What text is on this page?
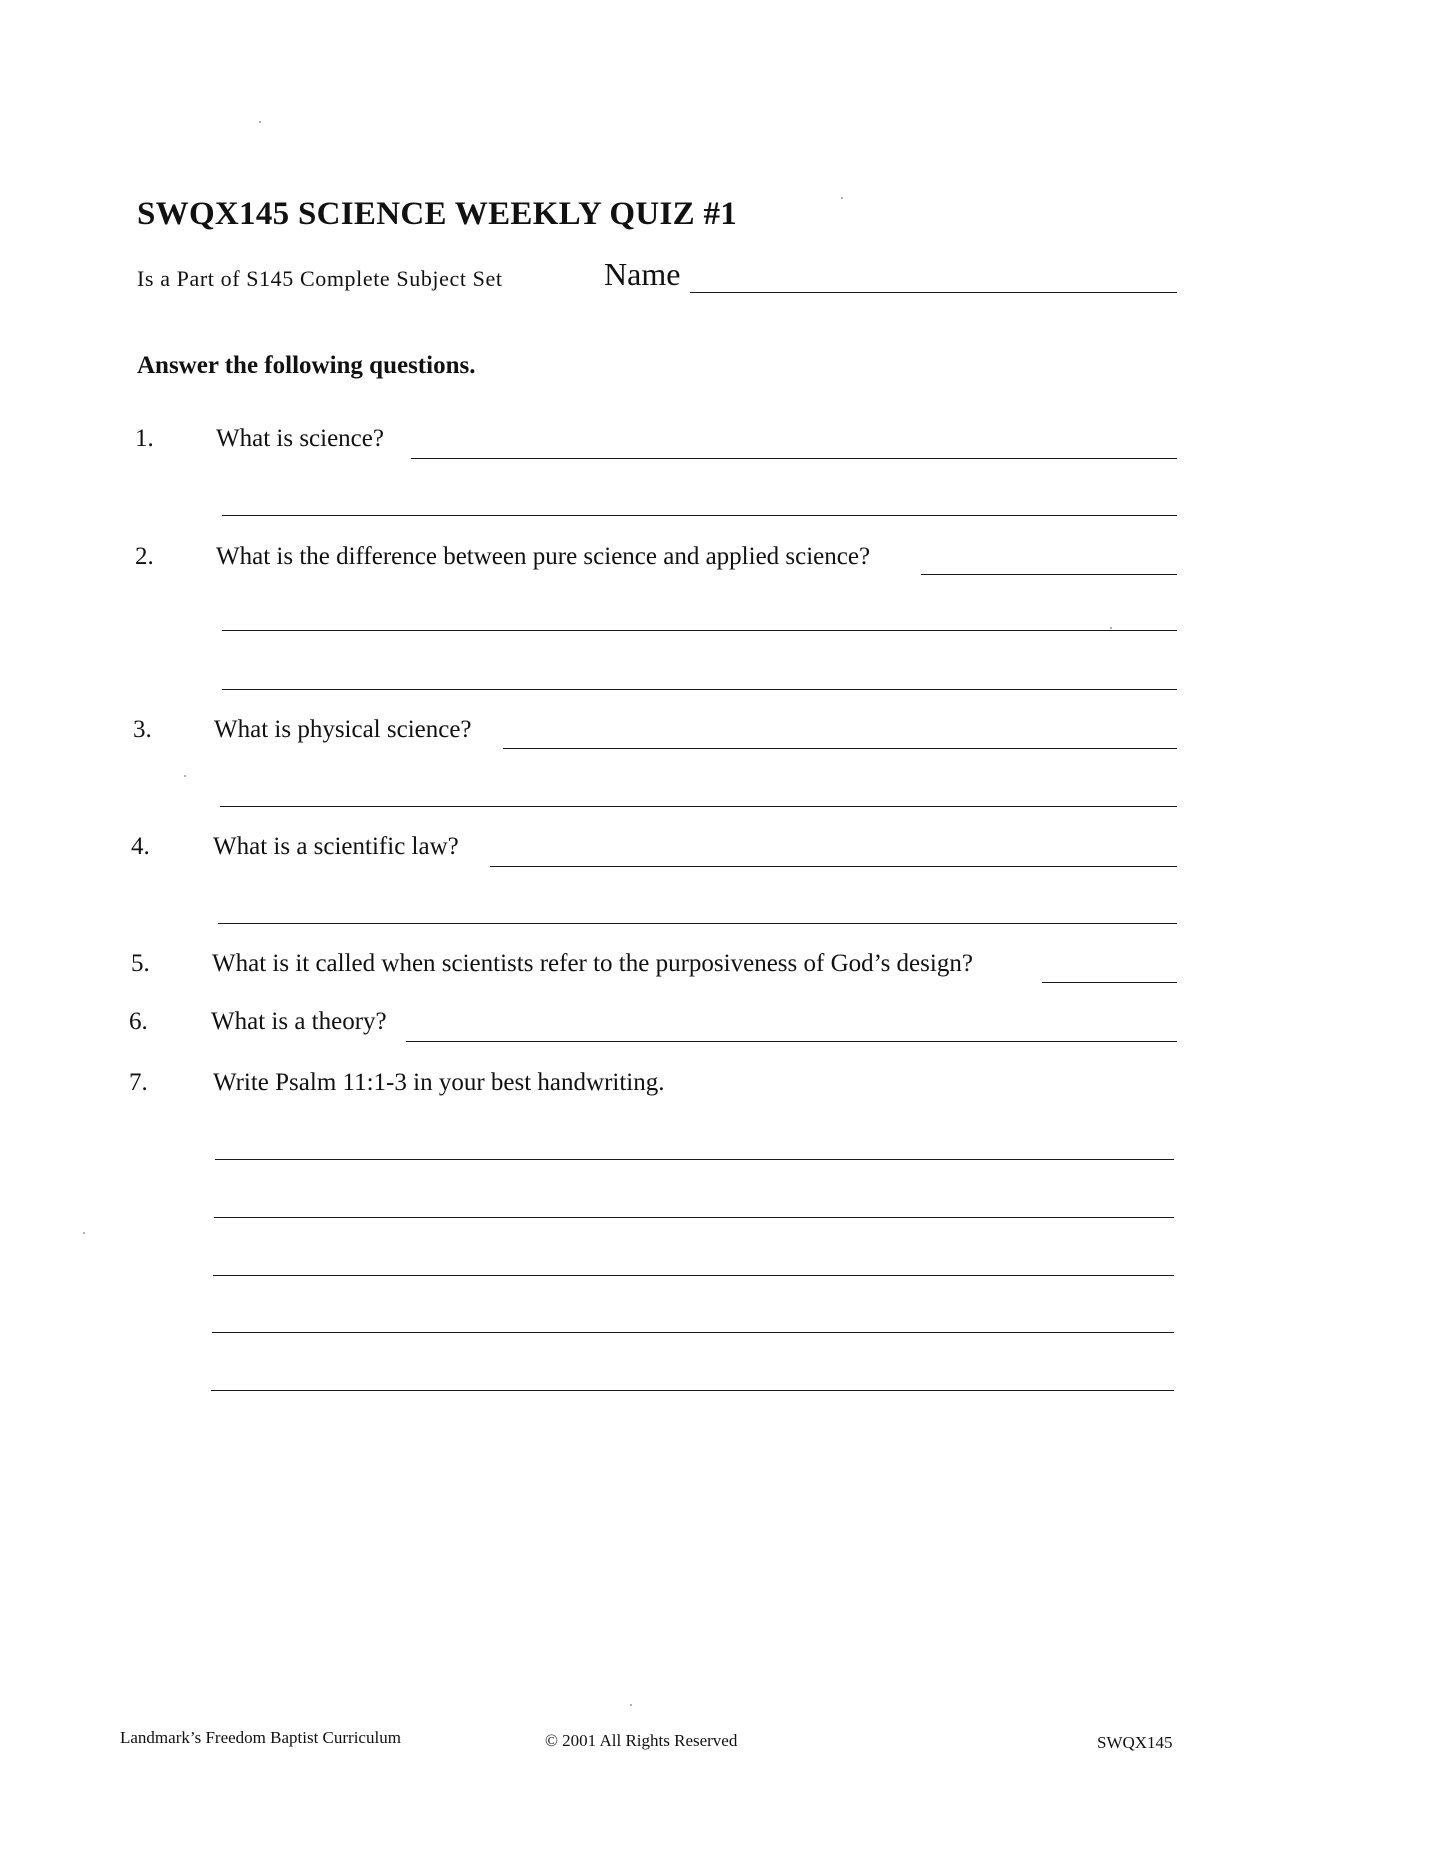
SWQX145 SCIENCE WEEKLY QUIZ #1
Is a Part of S145 Complete Subject Set	Name
Answer the following questions.
1. What is science?
2. What is the difference between pure science and applied science?
3. What is physical science?
4.	What is a scientific law?
5. What is it called when scientists refer to the purposiveness of God’s design?
6.	What is a theory?
7.	Write Psalm 11:1-3 in your best handwriting.
Landmark’s Freedom Baptist Curriculum	© 2001 All Rights Reserved	SWQX145
